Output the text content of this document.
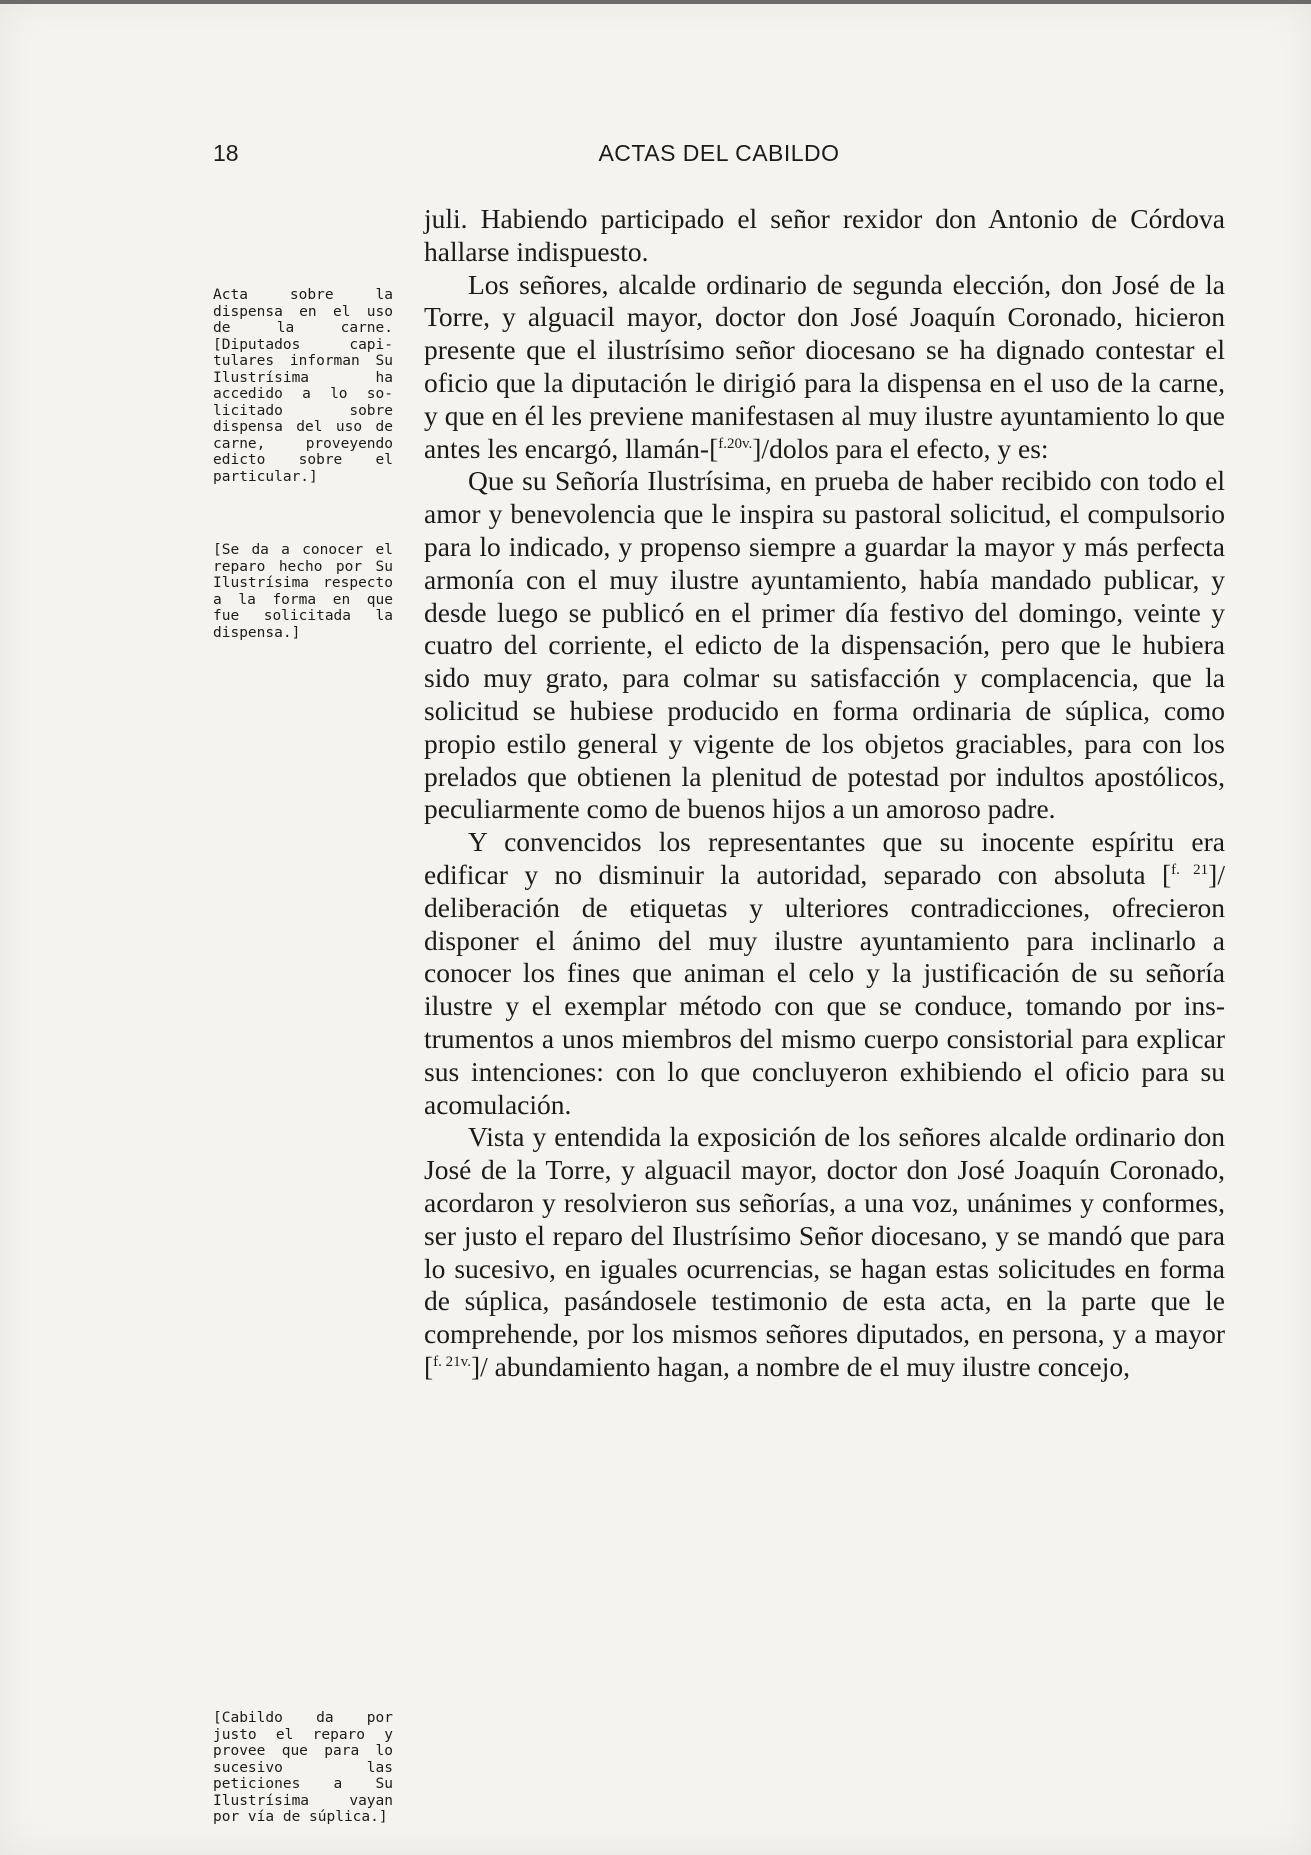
18	ACTAS DEL CABILDO
Acta sobre la dispensa en el uso de la carne. [Diputados capitulares informan Su Ilustrísima ha accedido a lo solicitado sobre dispensa del uso de carne, proveyendo edicto sobre el particular.]
[Se da a conocer el reparo hecho por Su Ilustrísima respecto a la forma en que fue solicitada la dispensa.]
[Cabildo da por justo el reparo y provee que para lo sucesivo las peticiones a Su Ilustrísima vayan por vía de súplica.]

juli. Habiendo participado el señor rexidor don Antonio de Córdova hallarse indispuesto.

Los señores, alcalde ordinario de segunda elección, don José de la Torre, y alguacil mayor, doctor don José Joaquín Coronado, hicieron presente que el ilustrísimo señor diocesano se ha dignado contestar el oficio que la diputación le dirigió para la dispensa en el uso de la carne, y que en él les previene manifestasen al muy ilustre ayuntamiento lo que antes les encargó, llamán-[$^{f.20v.}$]/dolos para el efecto, y es:

Que su Señoría Ilustrísima, en prueba de haber recibido con todo el amor y benevolencia que le inspira su pastoral solicitud, el compulsorio para lo indicado, y propenso siempre a guardar la mayor y más perfecta armonía con el muy ilustre ayuntamiento, había mandado publicar, y desde luego se publicó en el primer día festivo del domingo, veinte y cuatro del corriente, el edicto de la dispensación, pero que le hubiera sido muy grato, para colmar su satisfacción y complacencia, que la solicitud se hubiese producido en forma ordinaria de súplica, como propio estilo general y vigente de los objetos graciables, para con los prelados que obtienen la plenitud de potestad por indultos apostólicos, peculiarmente como de buenos hijos a un amoroso padre.

Y convencidos los representantes que su inocente espíritu era edificar y no disminuir la autoridad, separado con absoluta [$^{f. 21}$]/ deliberación de etiquetas y ulteriores contradicciones, ofrecieron disponer el ánimo del muy ilustre ayuntamiento para inclinarlo a conocer los fines que animan el celo y la justificación de su señoría ilustre y el exemplar método con que se conduce, tomando por instrumentos a unos miembros del mismo cuerpo consistorial para explicar sus intenciones: con lo que concluyeron exhibiendo el oficio para su acomulación.

Vista y entendida la exposición de los señores alcalde ordinario don José de la Torre, y alguacil mayor, doctor don José Joaquín Coronado, acordaron y resolvieron sus señorías, a una voz, unánimes y conformes, ser justo el reparo del Ilustrísimo Señor diocesano, y se mandó que para lo sucesivo, en iguales ocurrencias, se hagan estas solicitudes en forma de súplica, pasándosele testimonio de esta acta, en la parte que le comprehende, por los mismos señores diputados, en persona, y a mayor [$^{f. 21v.}$]/ abundamiento hagan, a nombre de el muy ilustre concejo,
